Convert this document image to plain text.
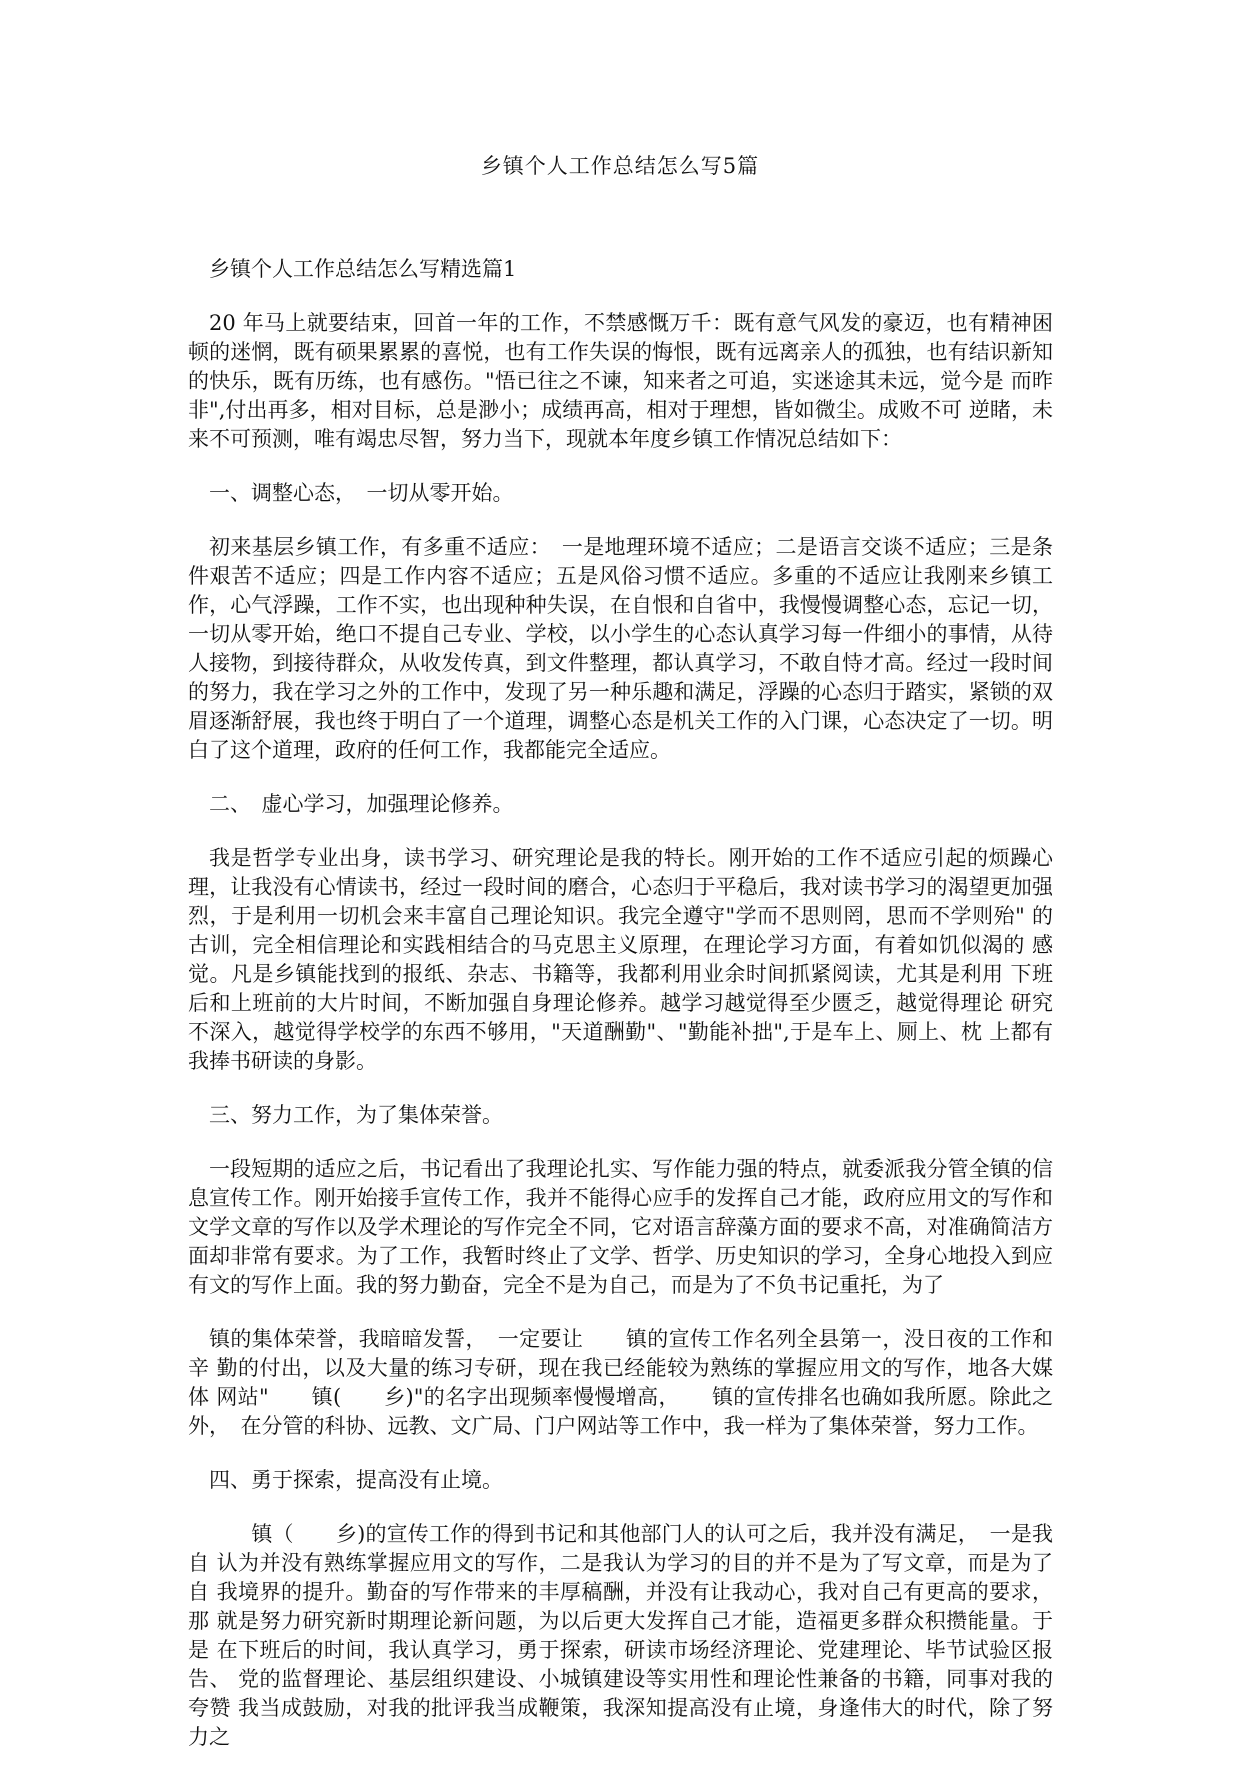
乡镇个人工作总结怎么写5篇

乡镇个人工作总结怎么写精选篇1

20 年马上就要结束，回首一年的工作，不禁感慨万千：既有意气风发的豪迈，也有精神困顿的迷惘，既有硕果累累的喜悦，也有工作失误的悔恨，既有远离亲人的孤独，也有结识新知的快乐，既有历练，也有感伤。"悟已往之不谏，知来者之可追，实迷途其未远，觉今是 而昨非",付出再多，相对目标，总是渺小；成绩再高，相对于理想，皆如微尘。成败不可 逆睹，未来不可预测，唯有竭忠尽智，努力当下，现就本年度乡镇工作情况总结如下：

一、调整心态，　一切从零开始。

初来基层乡镇工作，有多重不适应：　一是地理环境不适应；二是语言交谈不适应；三是条件艰苦不适应；四是工作内容不适应；五是风俗习惯不适应。多重的不适应让我刚来乡镇工作，心气浮躁，工作不实，也出现种种失误，在自恨和自省中，我慢慢调整心态，忘记一切，一切从零开始，绝口不提自己专业、学校，以小学生的心态认真学习每一件细小的事情，从待人接物，到接待群众，从收发传真，到文件整理，都认真学习，不敢自恃才高。经过一段时间的努力，我在学习之外的工作中，发现了另一种乐趣和满足，浮躁的心态归于踏实，紧锁的双眉逐渐舒展，我也终于明白了一个道理，调整心态是机关工作的入门课，心态决定了一切。明白了这个道理，政府的任何工作，我都能完全适应。

二、　虚心学习，加强理论修养。

我是哲学专业出身，读书学习、研究理论是我的特长。刚开始的工作不适应引起的烦躁心理，让我没有心情读书，经过一段时间的磨合，心态归于平稳后，我对读书学习的渴望更加强烈，于是利用一切机会来丰富自己理论知识。我完全遵守"学而不思则罔，思而不学则殆" 的古训，完全相信理论和实践相结合的马克思主义原理，在理论学习方面，有着如饥似渴的 感觉。凡是乡镇能找到的报纸、杂志、书籍等，我都利用业余时间抓紧阅读，尤其是利用 下班后和上班前的大片时间，不断加强自身理论修养。越学习越觉得至少匮乏，越觉得理论 研究不深入，越觉得学校学的东西不够用，"天道酬勤"、"勤能补拙",于是车上、厕上、枕 上都有我捧书研读的身影。

三、努力工作，为了集体荣誉。

一段短期的适应之后，书记看出了我理论扎实、写作能力强的特点，就委派我分管全镇的信息宣传工作。刚开始接手宣传工作，我并不能得心应手的发挥自己才能，政府应用文的写作和文学文章的写作以及学术理论的写作完全不同，它对语言辞藻方面的要求不高，对准确简洁方面却非常有要求。为了工作，我暂时终止了文学、哲学、历史知识的学习，全身心地投入到应有文的写作上面。我的努力勤奋，完全不是为自己，而是为了不负书记重托，为了

镇的集体荣誉，我暗暗发誓，　一定要让　　镇的宣传工作名列全县第一，没日夜的工作和辛 勤的付出，以及大量的练习专研，现在我已经能较为熟练的掌握应用文的写作，地各大媒体 网站"　　镇(　　乡)"的名字出现频率慢慢增高，　　镇的宣传排名也确如我所愿。除此之外，　在分管的科协、远教、文广局、门户网站等工作中，我一样为了集体荣誉，努力工作。

四、勇于探索，提高没有止境。

　　镇（　　乡)的宣传工作的得到书记和其他部门人的认可之后，我并没有满足，　一是我自 认为并没有熟练掌握应用文的写作，二是我认为学习的目的并不是为了写文章，而是为了自 我境界的提升。勤奋的写作带来的丰厚稿酬，并没有让我动心，我对自己有更高的要求，那 就是努力研究新时期理论新问题，为以后更大发挥自己才能，造福更多群众积攒能量。于是 在下班后的时间，我认真学习，勇于探索，研读市场经济理论、党建理论、毕节试验区报告、 党的监督理论、基层组织建设、小城镇建设等实用性和理论性兼备的书籍，同事对我的夸赞 我当成鼓励，对我的批评我当成鞭策，我深知提高没有止境，身逢伟大的时代，除了努力之
